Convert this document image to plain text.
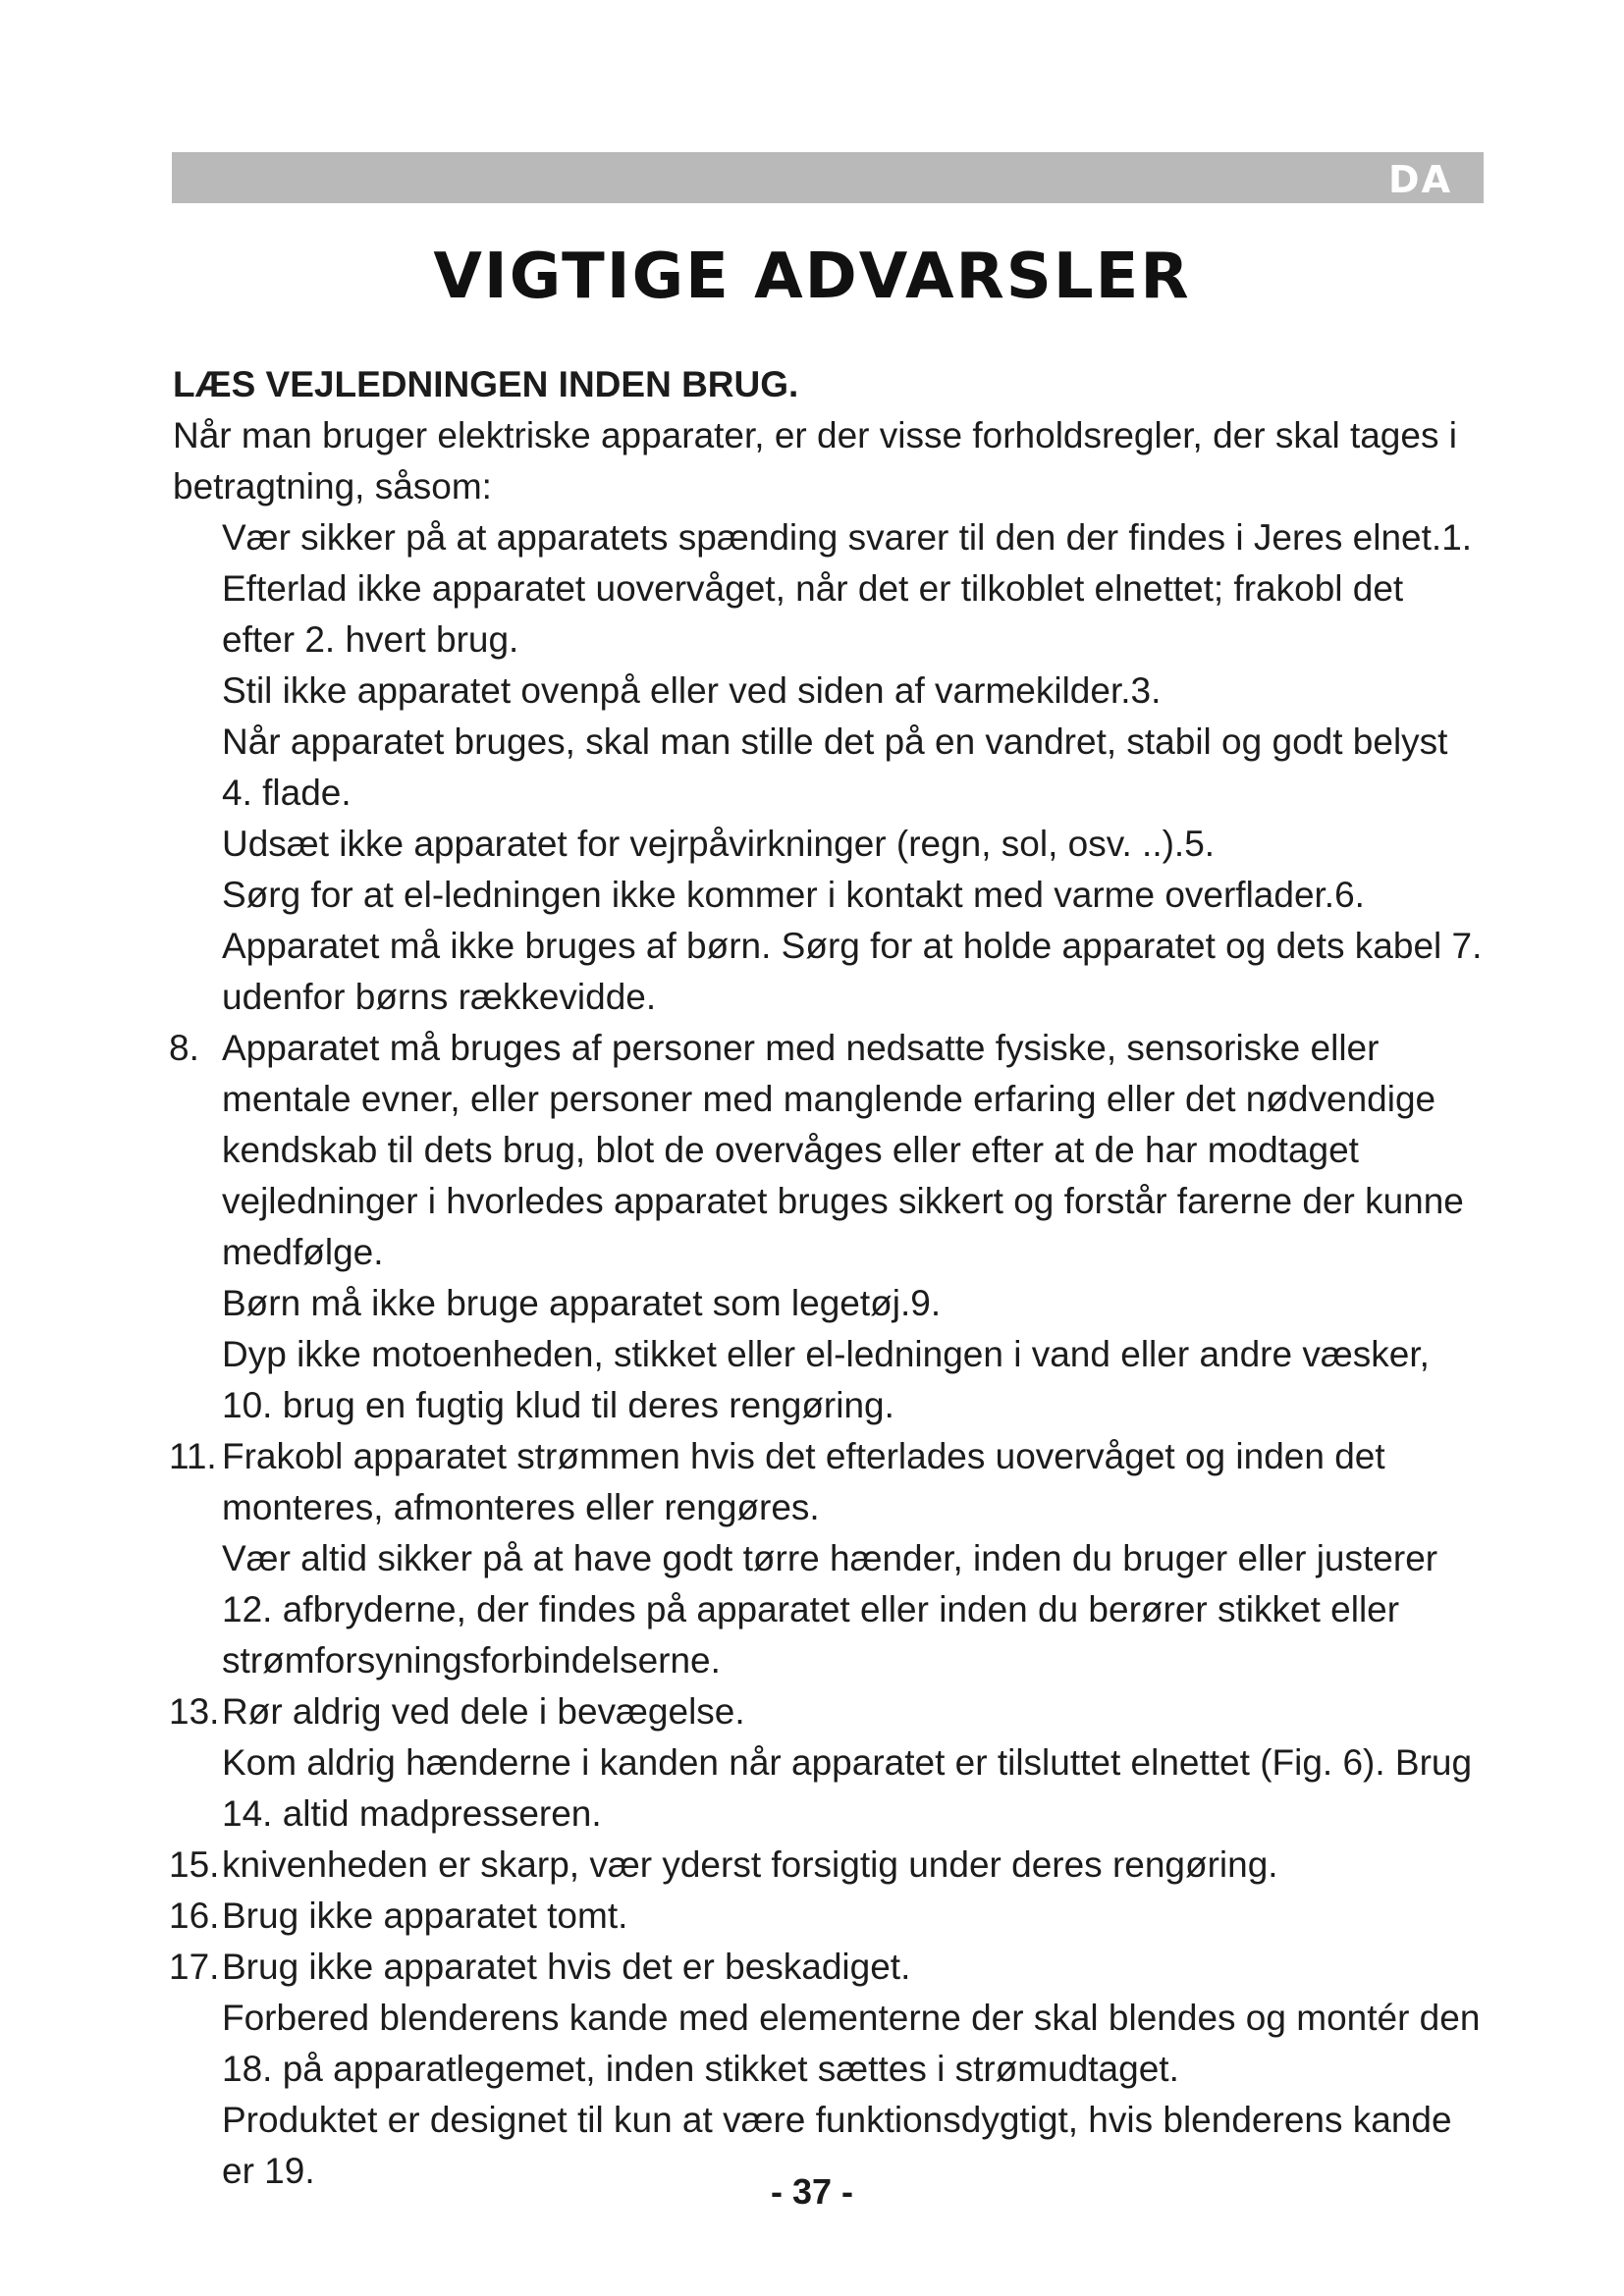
DA
VIGTIGE ADVARSLER

LÆS VEJLEDNINGEN INDEN BRUG.

Når man bruger elektriske apparater, er der visse forholdsregler, der skal tages i betragtning, såsom:

Vær sikker på at apparatets spænding svarer til den der findes i Jeres elnet.1.
Efterlad ikke apparatet uovervåget, når det er tilkoblet elnettet; frakobl det efter 2. hvert brug.
Stil ikke apparatet ovenpå eller ved siden af varmekilder.3.
Når apparatet bruges, skal man stille det på en vandret, stabil og godt belyst 4. flade.
Udsæt ikke apparatet for vejrpåvirkninger (regn, sol, osv. ..).5.
Sørg for at el-ledningen ikke kommer i kontakt med varme overflader.6.
Apparatet må ikke bruges af børn. Sørg for at holde apparatet og dets kabel 7. udenfor børns rækkevidde.
8. Apparatet må bruges af personer med nedsatte fysiske, sensoriske eller mentale evner, eller personer med manglende erfaring eller det nødvendige kendskab til dets brug, blot de overvåges eller efter at de har modtaget vejledninger i hvorledes apparatet bruges sikkert og forstår farerne der kunne medfølge.
Børn må ikke bruge apparatet som legetøj.9.
Dyp ikke motoenheden, stikket eller el-ledningen i vand eller andre væsker, 10. brug en fugtig klud til deres rengøring.
11. Frakobl apparatet strømmen hvis det efterlades uovervåget og inden det monteres, afmonteres eller rengøres.
Vær altid sikker på at have godt tørre hænder, inden du bruger eller justerer 12. afbryderne, der findes på apparatet eller inden du berører stikket eller strømforsyningsforbindelserne.
13. Rør aldrig ved dele i bevægelse.
Kom aldrig hænderne i kanden når apparatet er tilsluttet elnettet (Fig. 6). Brug 14. altid madpresseren.
15. knivenheden er skarp, vær yderst forsigtig under deres rengøring.
16. Brug ikke apparatet tomt.
17. Brug ikke apparatet hvis det er beskadiget.
Forbered blenderens kande med elementerne der skal blendes og montér den 18. på apparatlegemet, inden stikket sættes i strømudtaget.
Produktet er designet til kun at være funktionsdygtigt, hvis blenderens kande er 19.
- 37 -
